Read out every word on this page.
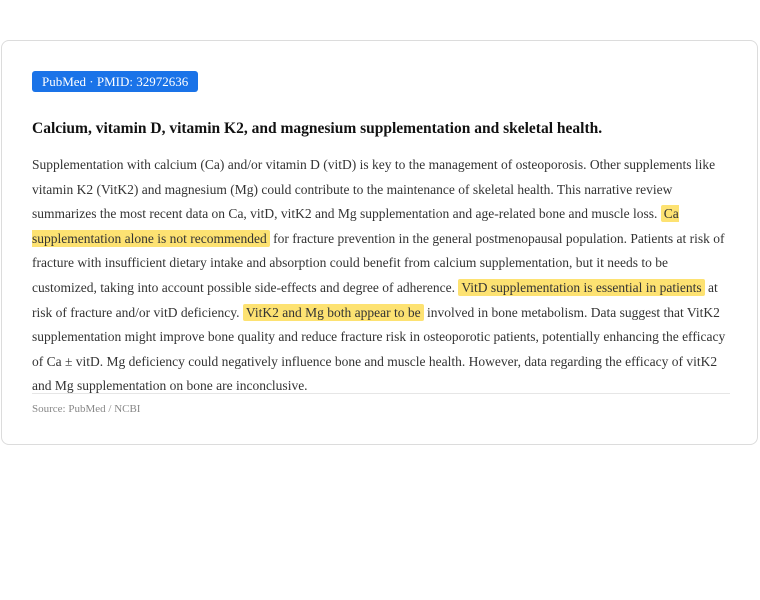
PubMed · PMID: 32972636
Calcium, vitamin D, vitamin K2, and magnesium supplementation and skeletal health.

Supplementation with calcium (Ca) and/or vitamin D (vitD) is key to the management of osteoporosis. Other supplements like vitamin K2 (VitK2) and magnesium (Mg) could contribute to the maintenance of skeletal health. This narrative review summarizes the most recent data on Ca, vitD, vitK2 and Mg supplementation and age-related bone and muscle loss. Ca supplementation alone is not recommended for fracture prevention in the general postmenopausal population. Patients at risk of fracture with insufficient dietary intake and absorption could benefit from calcium supplementation, but it needs to be customized, taking into account possible side-effects and degree of adherence. VitD supplementation is essential in patients at risk of fracture and/or vitD deficiency. VitK2 and Mg both appear to be involved in bone metabolism. Data suggest that VitK2 supplementation might improve bone quality and reduce fracture risk in osteoporotic patients, potentially enhancing the efficacy of Ca ± vitD. Mg deficiency could negatively influence bone and muscle health. However, data regarding the efficacy of vitK2 and Mg supplementation on bone are inconclusive.

Source: PubMed / NCBI
